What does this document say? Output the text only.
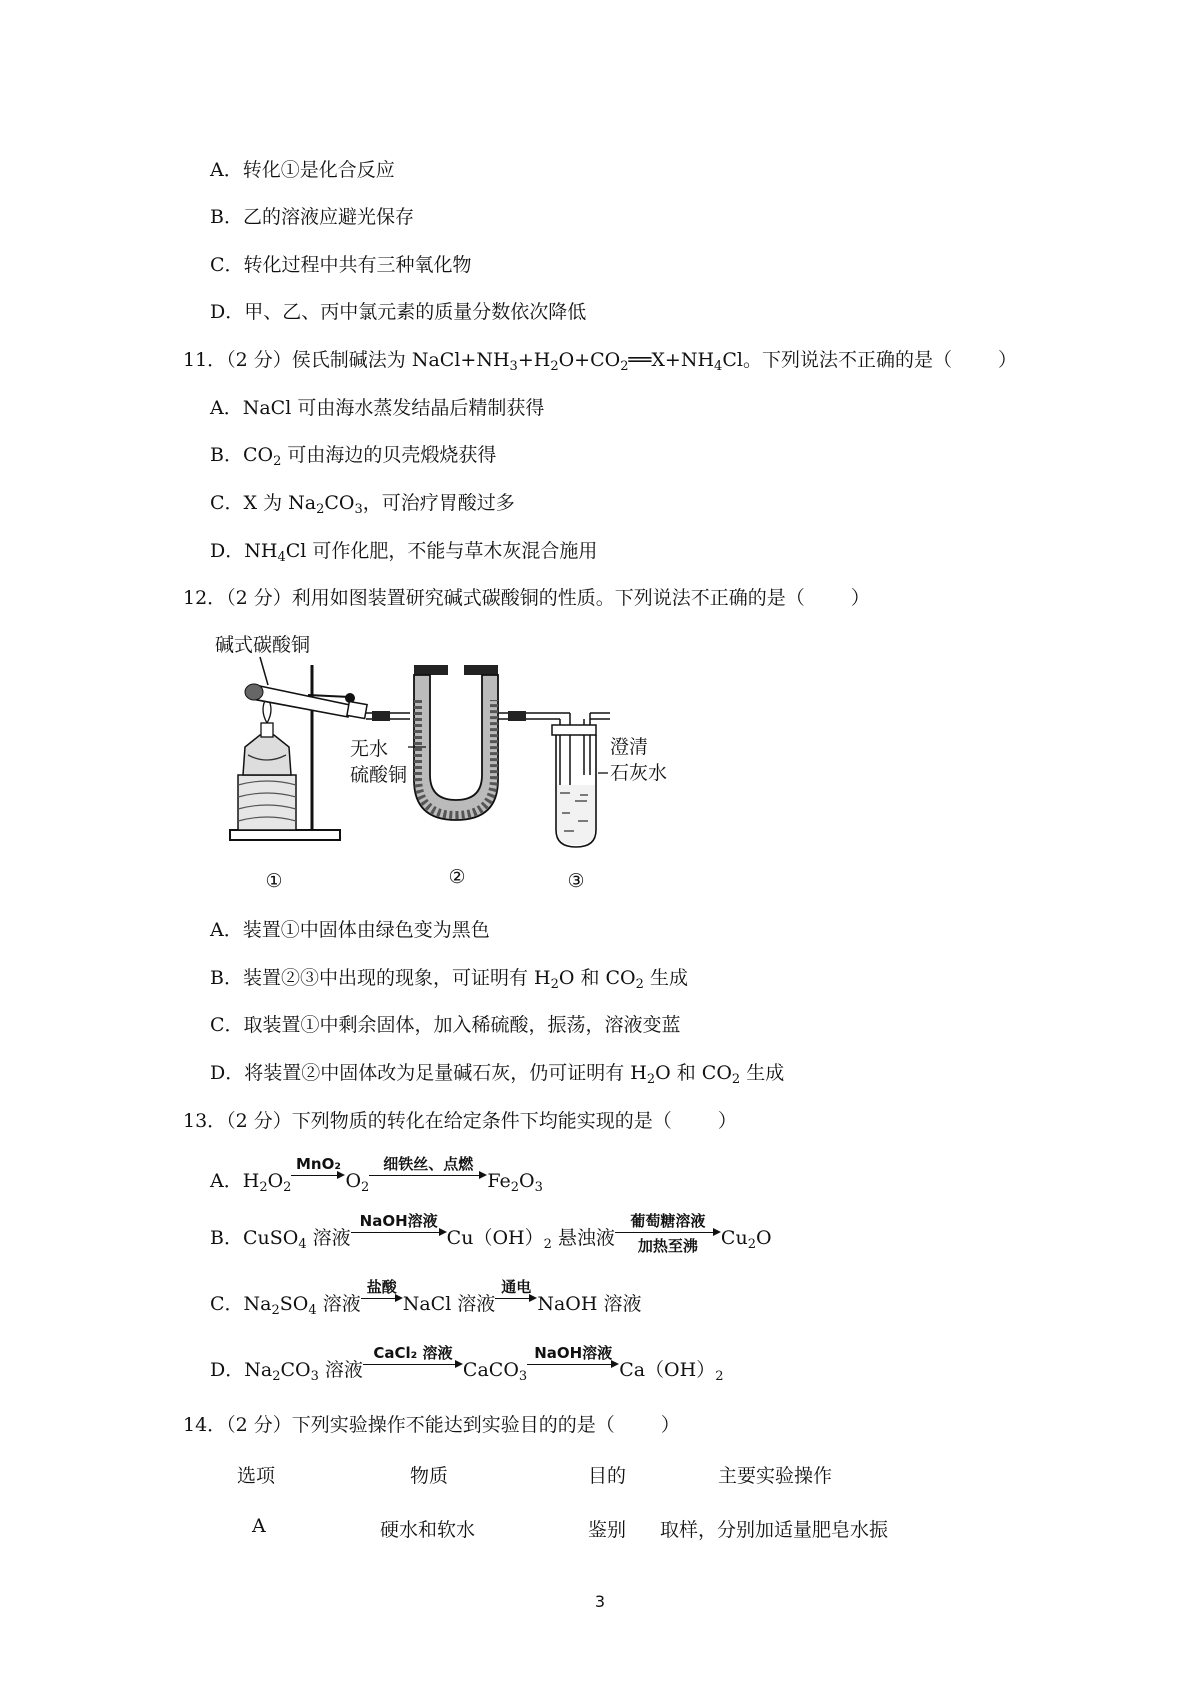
A．转化①是化合反应
B．乙的溶液应避光保存
C．转化过程中共有三种氧化物
D．甲、乙、丙中氯元素的质量分数依次降低
11．（2 分）侯氏制碱法为 $NaCl+NH_3+H_2O+CO_2══X+NH_4Cl$。下列说法不正确的是（ ）
A．NaCl 可由海水蒸发结晶后精制获得
B．$CO_2$ 可由海边的贝壳煅烧获得
C．X 为 $Na_2CO_3$，可治疗胃酸过多
D．$NH_4Cl$ 可作化肥，不能与草木灰混合施用
12．（2 分）利用如图装置研究碱式碳酸铜的性质。下列说法不正确的是（ ）
碱式碳酸铜
无水
硫酸铜
澄清
石灰水
①	②	③
A．装置①中固体由绿色变为黑色
B．装置②③中出现的现象，可证明有 $H_2O$ 和 $CO_2$ 生成
C．取装置①中剩余固体，加入稀硫酸，振荡，溶液变蓝
D．将装置②中固体改为足量碱石灰，仍可证明有 $H_2O$ 和 $CO_2$ 生成
13．（2 分）下列物质的转化在给定条件下均能实现的是（ ）
A．$H_2O_2$
MnO₂
$O_2$
细铁丝、点燃
$Fe_2O_3$
B．CuSO$_4$ 溶液
NaOH溶液
$Cu(OH)_2$ 悬浊液
葡萄糖溶液
加热至沸	$Cu_2O$
C．$Na_2SO_4$ 溶液
盐酸
NaCl 溶液
通电
NaOH 溶液
D．$Na_2CO_3$ 溶液
CaCl₂ 溶液
CaCO$_3$
NaOH溶液
$Ca(OH)_2$
14．（2 分）下列实验操作不能达到实验目的的是（ ）
选项	物质	目的	主要实验操作
A	硬水和软水	鉴别 取样，分别加适量肥皂水振
3
